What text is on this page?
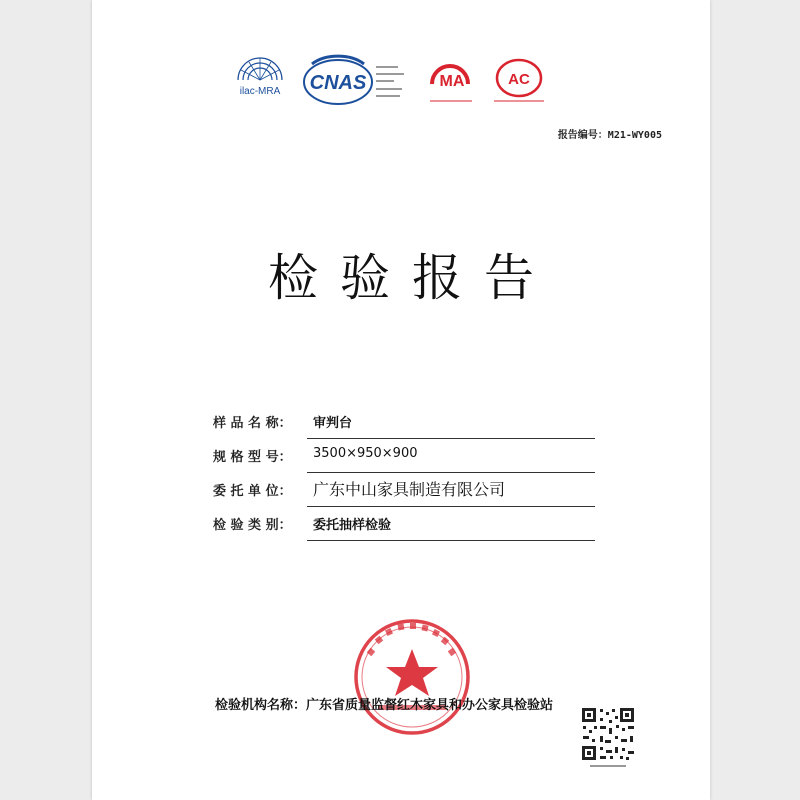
ilac-MRA CNAS	MA	AC
报告编号：M21-WY005
检验报告
样 品 名 称：	审判台
规 格 型 号：	3500×950×900
委 托 单 位：	广东中山家具制造有限公司
检 验 类 别：	委托抽样检验
检验机构名称：广东省质量监督红木家具和办公家具检验站
